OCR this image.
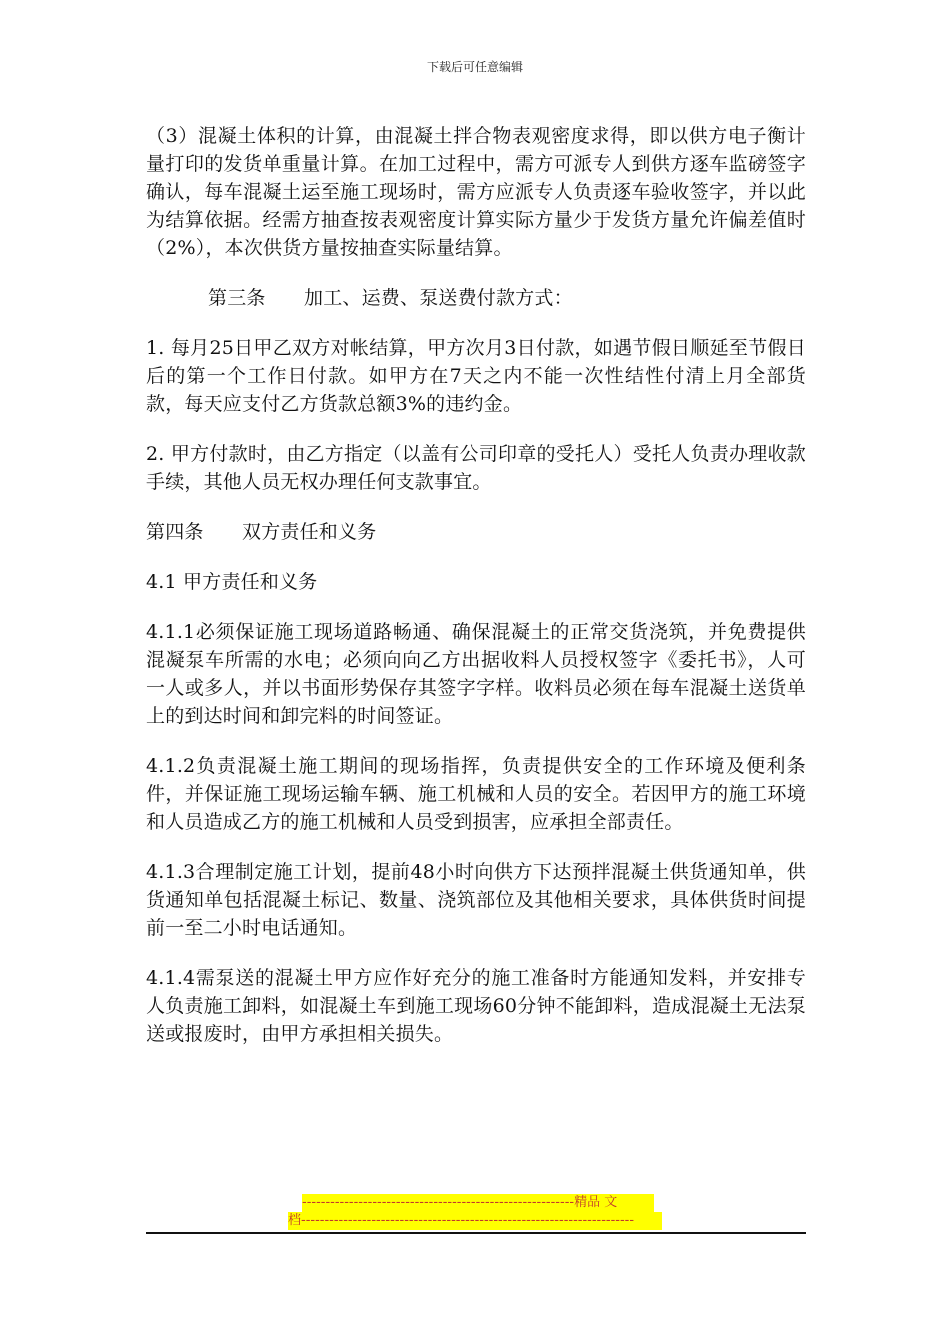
下载后可任意编辑

（3）混凝土体积的计算，由混凝土拌合物表观密度求得，即以供方电子衡计量打印的发货单重量计算。在加工过程中，需方可派专人到供方逐车监磅签字确认，每车混凝土运至施工现场时，需方应派专人负责逐车验收签字，并以此为结算依据。经需方抽查按表观密度计算实际方量少于发货方量允许偏差值时（2%），本次供货方量按抽查实际量结算。

第三条　　加工、运费、泵送费付款方式：

1. 每月25日甲乙双方对帐结算，甲方次月3日付款，如遇节假日顺延至节假日后的第一个工作日付款。如甲方在7天之内不能一次性结性付清上月全部货款，每天应支付乙方货款总额3%的违约金。

2. 甲方付款时，由乙方指定（以盖有公司印章的受托人）受托人负责办理收款手续，其他人员无权办理任何支款事宜。

第四条　　双方责任和义务

4.1 甲方责任和义务

4.1.1必须保证施工现场道路畅通、确保混凝土的正常交货浇筑，并免费提供混凝泵车所需的水电；必须向向乙方出据收料人员授权签字《委托书》，人可一人或多人，并以书面形势保存其签字字样。收料员必须在每车混凝土送货单上的到达时间和卸完料的时间签证。

4.1.2负责混凝土施工期间的现场指挥，负责提供安全的工作环境及便利条件，并保证施工现场运输车辆、施工机械和人员的安全。若因甲方的施工环境和人员造成乙方的施工机械和人员受到损害，应承担全部责任。

4.1.3合理制定施工计划，提前48小时向供方下达预拌混凝土供货通知单，供货通知单包括混凝土标记、数量、浇筑部位及其他相关要求，具体供货时间提前一至二小时电话通知。

4.1.4需泵送的混凝土甲方应作好充分的施工准备时方能通知发料，并安排专人负责施工卸料，如混凝土车到施工现场60分钟不能卸料，造成混凝土无法泵送或报废时，由甲方承担相关损失。

----------------------------------------------------------精品 文
档-----------------------------------------------------------------------
